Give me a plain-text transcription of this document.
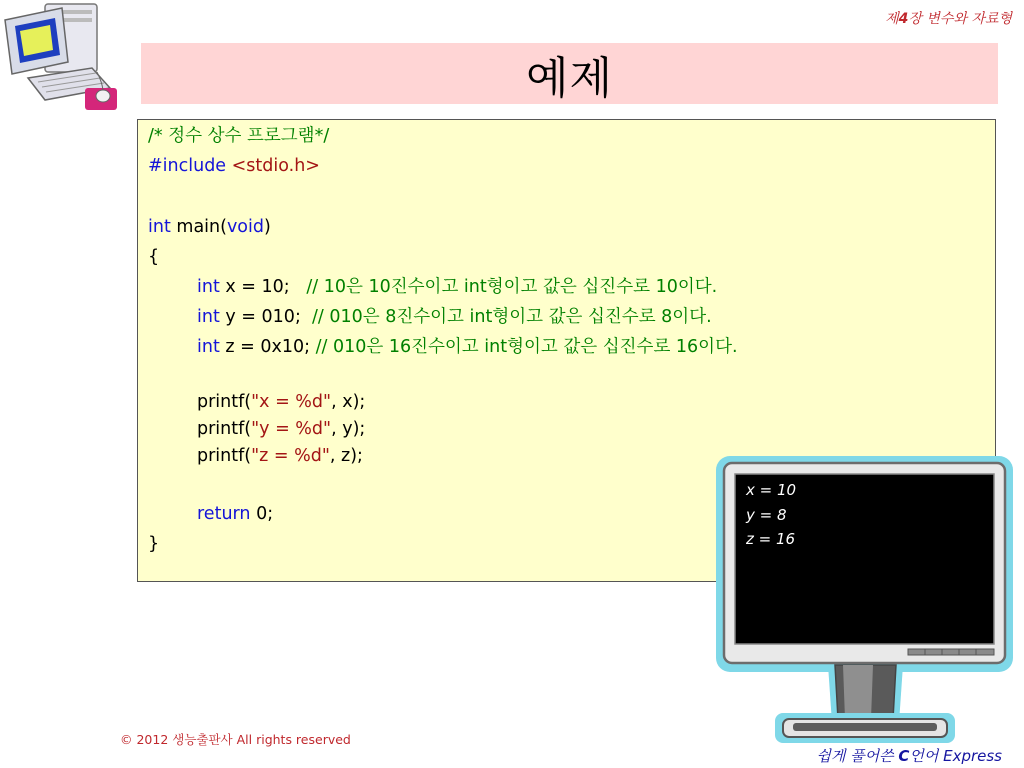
제4장 변수와 자료형
예제
/* 정수 상수 프로그램*/
#include <stdio.h>
int main(void)
{
int x = 10;   // 10은 10진수이고 int형이고 값은 십진수로 10이다.
int y = 010;  // 010은 8진수이고 int형이고 값은 십진수로 8이다.
int z = 0x10; // 010은 16진수이고 int형이고 값은 십진수로 16이다.
printf("x = %d", x);
printf("y = %d", y);
printf("z = %d", z);
return 0;
}
x = 10
y = 8
z = 16
© 2012 생능출판사 All rights reserved
쉽게 풀어쓴 C언어 Express
